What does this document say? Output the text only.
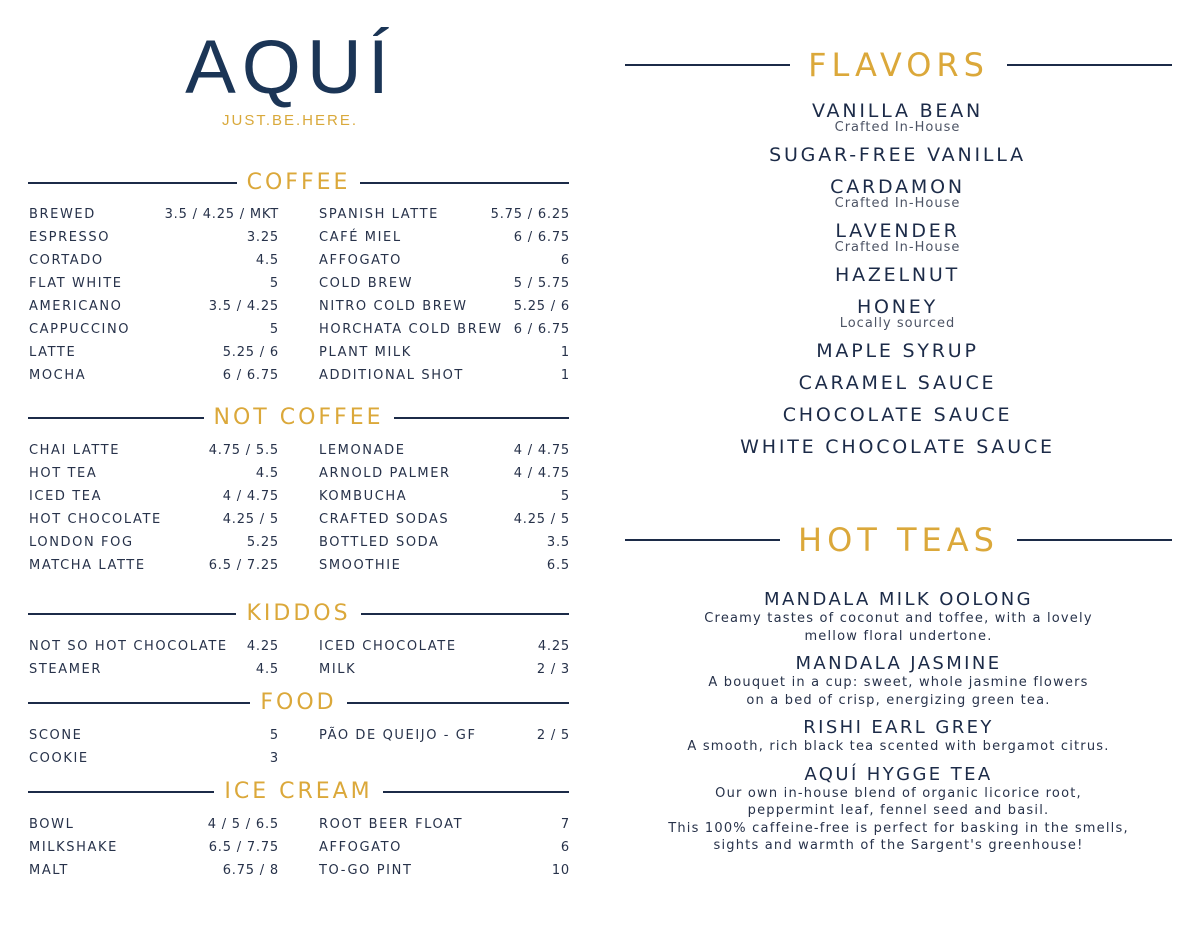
AQUÍ
JUST.BE.HERE.
COFFEE
BREWED	3.5 / 4.25 / MKT
ESPRESSO	3.25
CORTADO	4.5
FLAT WHITE	5
AMERICANO	3.5 / 4.25
CAPPUCCINO	5
LATTE	5.25 / 6
MOCHA	6 / 6.75
SPANISH LATTE	5.75 / 6.25
CAFÉ MIEL	6 / 6.75
AFFOGATO	6
COLD BREW	5 / 5.75
NITRO COLD BREW	5.25 / 6
HORCHATA COLD BREW 6 / 6.75
PLANT MILK	1
ADDITIONAL SHOT	1
NOT COFFEE
CHAI LATTE	4.75 / 5.5
HOT TEA	4.5
ICED TEA	4 / 4.75
HOT CHOCOLATE	4.25 / 5
LONDON FOG	5.25
MATCHA LATTE	6.5 / 7.25
LEMONADE	4 / 4.75
ARNOLD PALMER	4 / 4.75
KOMBUCHA	5
CRAFTED SODAS	4.25 / 5
BOTTLED SODA	3.5
SMOOTHIE	6.5
KIDDOS
NOT SO HOT CHOCOLATE 4.25
STEAMER	4.5
ICED CHOCOLATE	4.25
MILK	2 / 3
FOOD
SCONE	5
COOKIE	3
PÃO DE QUEIJO - GF	2 / 5
ICE CREAM
BOWL	4 / 5 / 6.5
MILKSHAKE	6.5 / 7.75
MALT	6.75 / 8
ROOT BEER FLOAT	7
AFFOGATO	6
TO-GO PINT	10
FLAVORS
VANILLA BEAN
Crafted In-House
SUGAR-FREE VANILLA
CARDAMON
Crafted In-House
LAVENDER
Crafted In-House
HAZELNUT
HONEY
Locally sourced
MAPLE SYRUP
CARAMEL SAUCE
CHOCOLATE SAUCE
WHITE CHOCOLATE SAUCE
HOT TEAS
MANDALA MILK OOLONG
Creamy tastes of coconut and toffee, with a lovely
mellow floral undertone.
MANDALA JASMINE
A bouquet in a cup: sweet, whole jasmine flowers
on a bed of crisp, energizing green tea.
RISHI EARL GREY
A smooth, rich black tea scented with bergamot citrus.
AQUÍ HYGGE TEA
Our own in-house blend of organic licorice root,
peppermint leaf, fennel seed and basil.
This 100% caffeine-free is perfect for basking in the smells,
sights and warmth of the Sargent's greenhouse!
